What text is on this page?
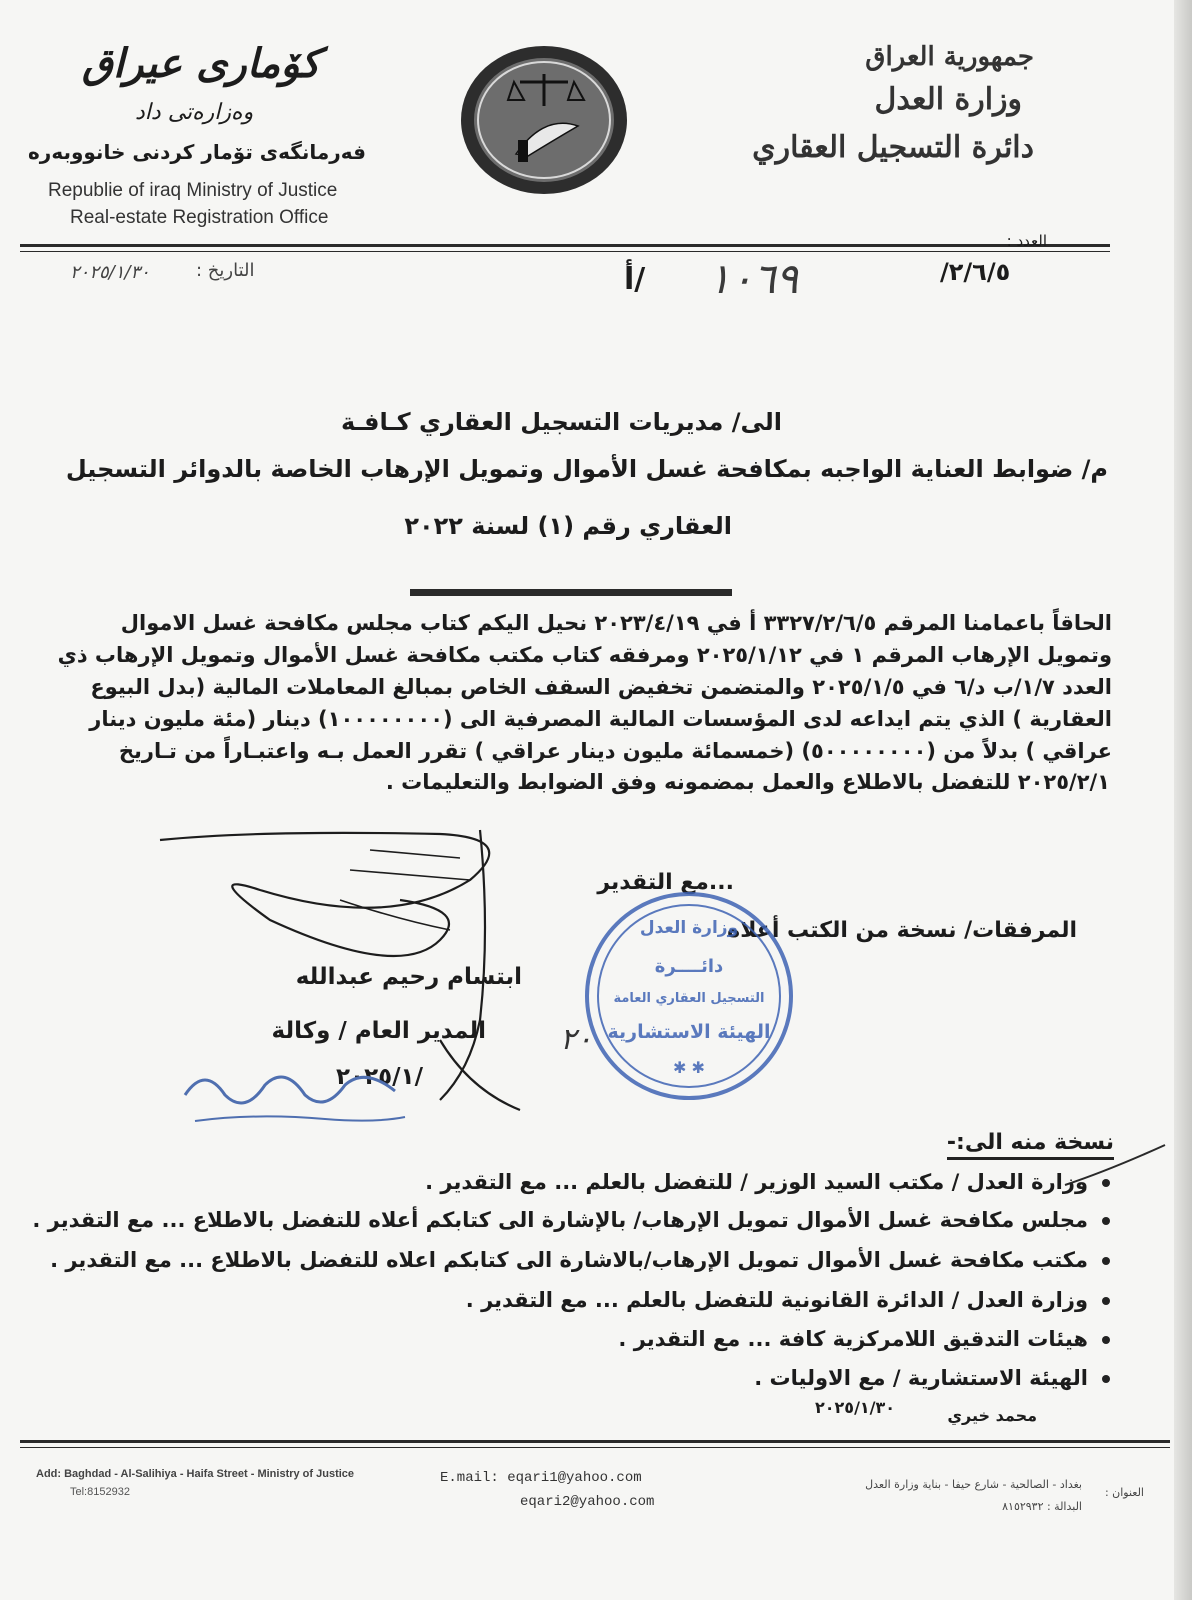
كۆماری عیراق
وەزارەتی داد
فەرمانگەی تۆمار كردنی خانووبەرە
Republie of iraq Ministry of Justice
Real-estate Registration Office
جمهورية العراق
وزارة العدل
دائرة التسجيل العقاري
العدد :
/٢/٦/٥
أ/ ١٠٦٩
التاريخ :
٢٠٢٥/١/٣٠
الى/ مديريات التسجيل العقاري كـافـة
م/ ضوابط العناية الواجبه بمكافحة غسل الأموال وتمويل الإرهاب الخاصة بالدوائر التسجيل
العقاري رقم (١) لسنة ٢٠٢٢
الحاقاً باعمامنا المرقم ٣٣٢٧/٢/٦/٥ أ في ٢٠٢٣/٤/١٩ نحيل اليكم كتاب مجلس مكافحة غسل الاموال
وتمويل الإرهاب المرقم ١ في ٢٠٢٥/١/١٢ ومرفقه كتاب مكتب مكافحة غسل الأموال وتمويل الإرهاب ذي
العدد ١/٧/ب د/٦ في ٢٠٢٥/١/٥ والمتضمن تخفيض السقف الخاص بمبالغ المعاملات المالية (بدل البيوع
العقارية ) الذي يتم ايداعه لدى المؤسسات المالية المصرفية الى (١٠٠٠٠٠٠٠٠) دينار (مئة مليون دينار
عراقي ) بدلاً من (٥٠٠٠٠٠٠٠٠) (خمسمائة مليون دينار عراقي ) تقرر العمل بـه واعتبـاراً من تـاريخ
٢٠٢٥/٢/١ للتفضل بالاطلاع والعمل بمضمونه وفق الضوابط والتعليمات .
...مع التقدير
المرفقات/ نسخة من الكتب أعلاه
ابتسام رحيم عبدالله
المدير العام / وكالة
٢٠٢٥/١/
٢٠
وزارة العدل
دائــــرة
التسجيل العقاري العامة
الهيئة الاستشارية
✱ ✱
نسخة منه الى:-
وزارة العدل / مكتب السيد الوزير / للتفضل بالعلم ... مع التقدير .
مجلس مكافحة غسل الأموال تمويل الإرهاب/ بالإشارة الى كتابكم أعلاه للتفضل بالاطلاع ... مع التقدير .
مكتب مكافحة غسل الأموال تمويل الإرهاب/بالاشارة الى كتابكم اعلاه للتفضل بالاطلاع ... مع التقدير .
وزارة العدل / الدائرة القانونية للتفضل بالعلم ... مع التقدير .
هيئات التدقيق اللامركزية كافة ... مع التقدير .
الهيئة الاستشارية / مع الاوليات .
محمد خيري
٢٠٢٥/١/٣٠
Add: Baghdad - Al-Salihiya - Haifa Street - Ministry of Justice
Tel:8152932
E.mail: eqari1@yahoo.com
eqari2@yahoo.com
العنوان :
بغداد - الصالحية - شارع حيفا - بناية وزارة العدل
البدالة : ٨١٥٢٩٣٢
